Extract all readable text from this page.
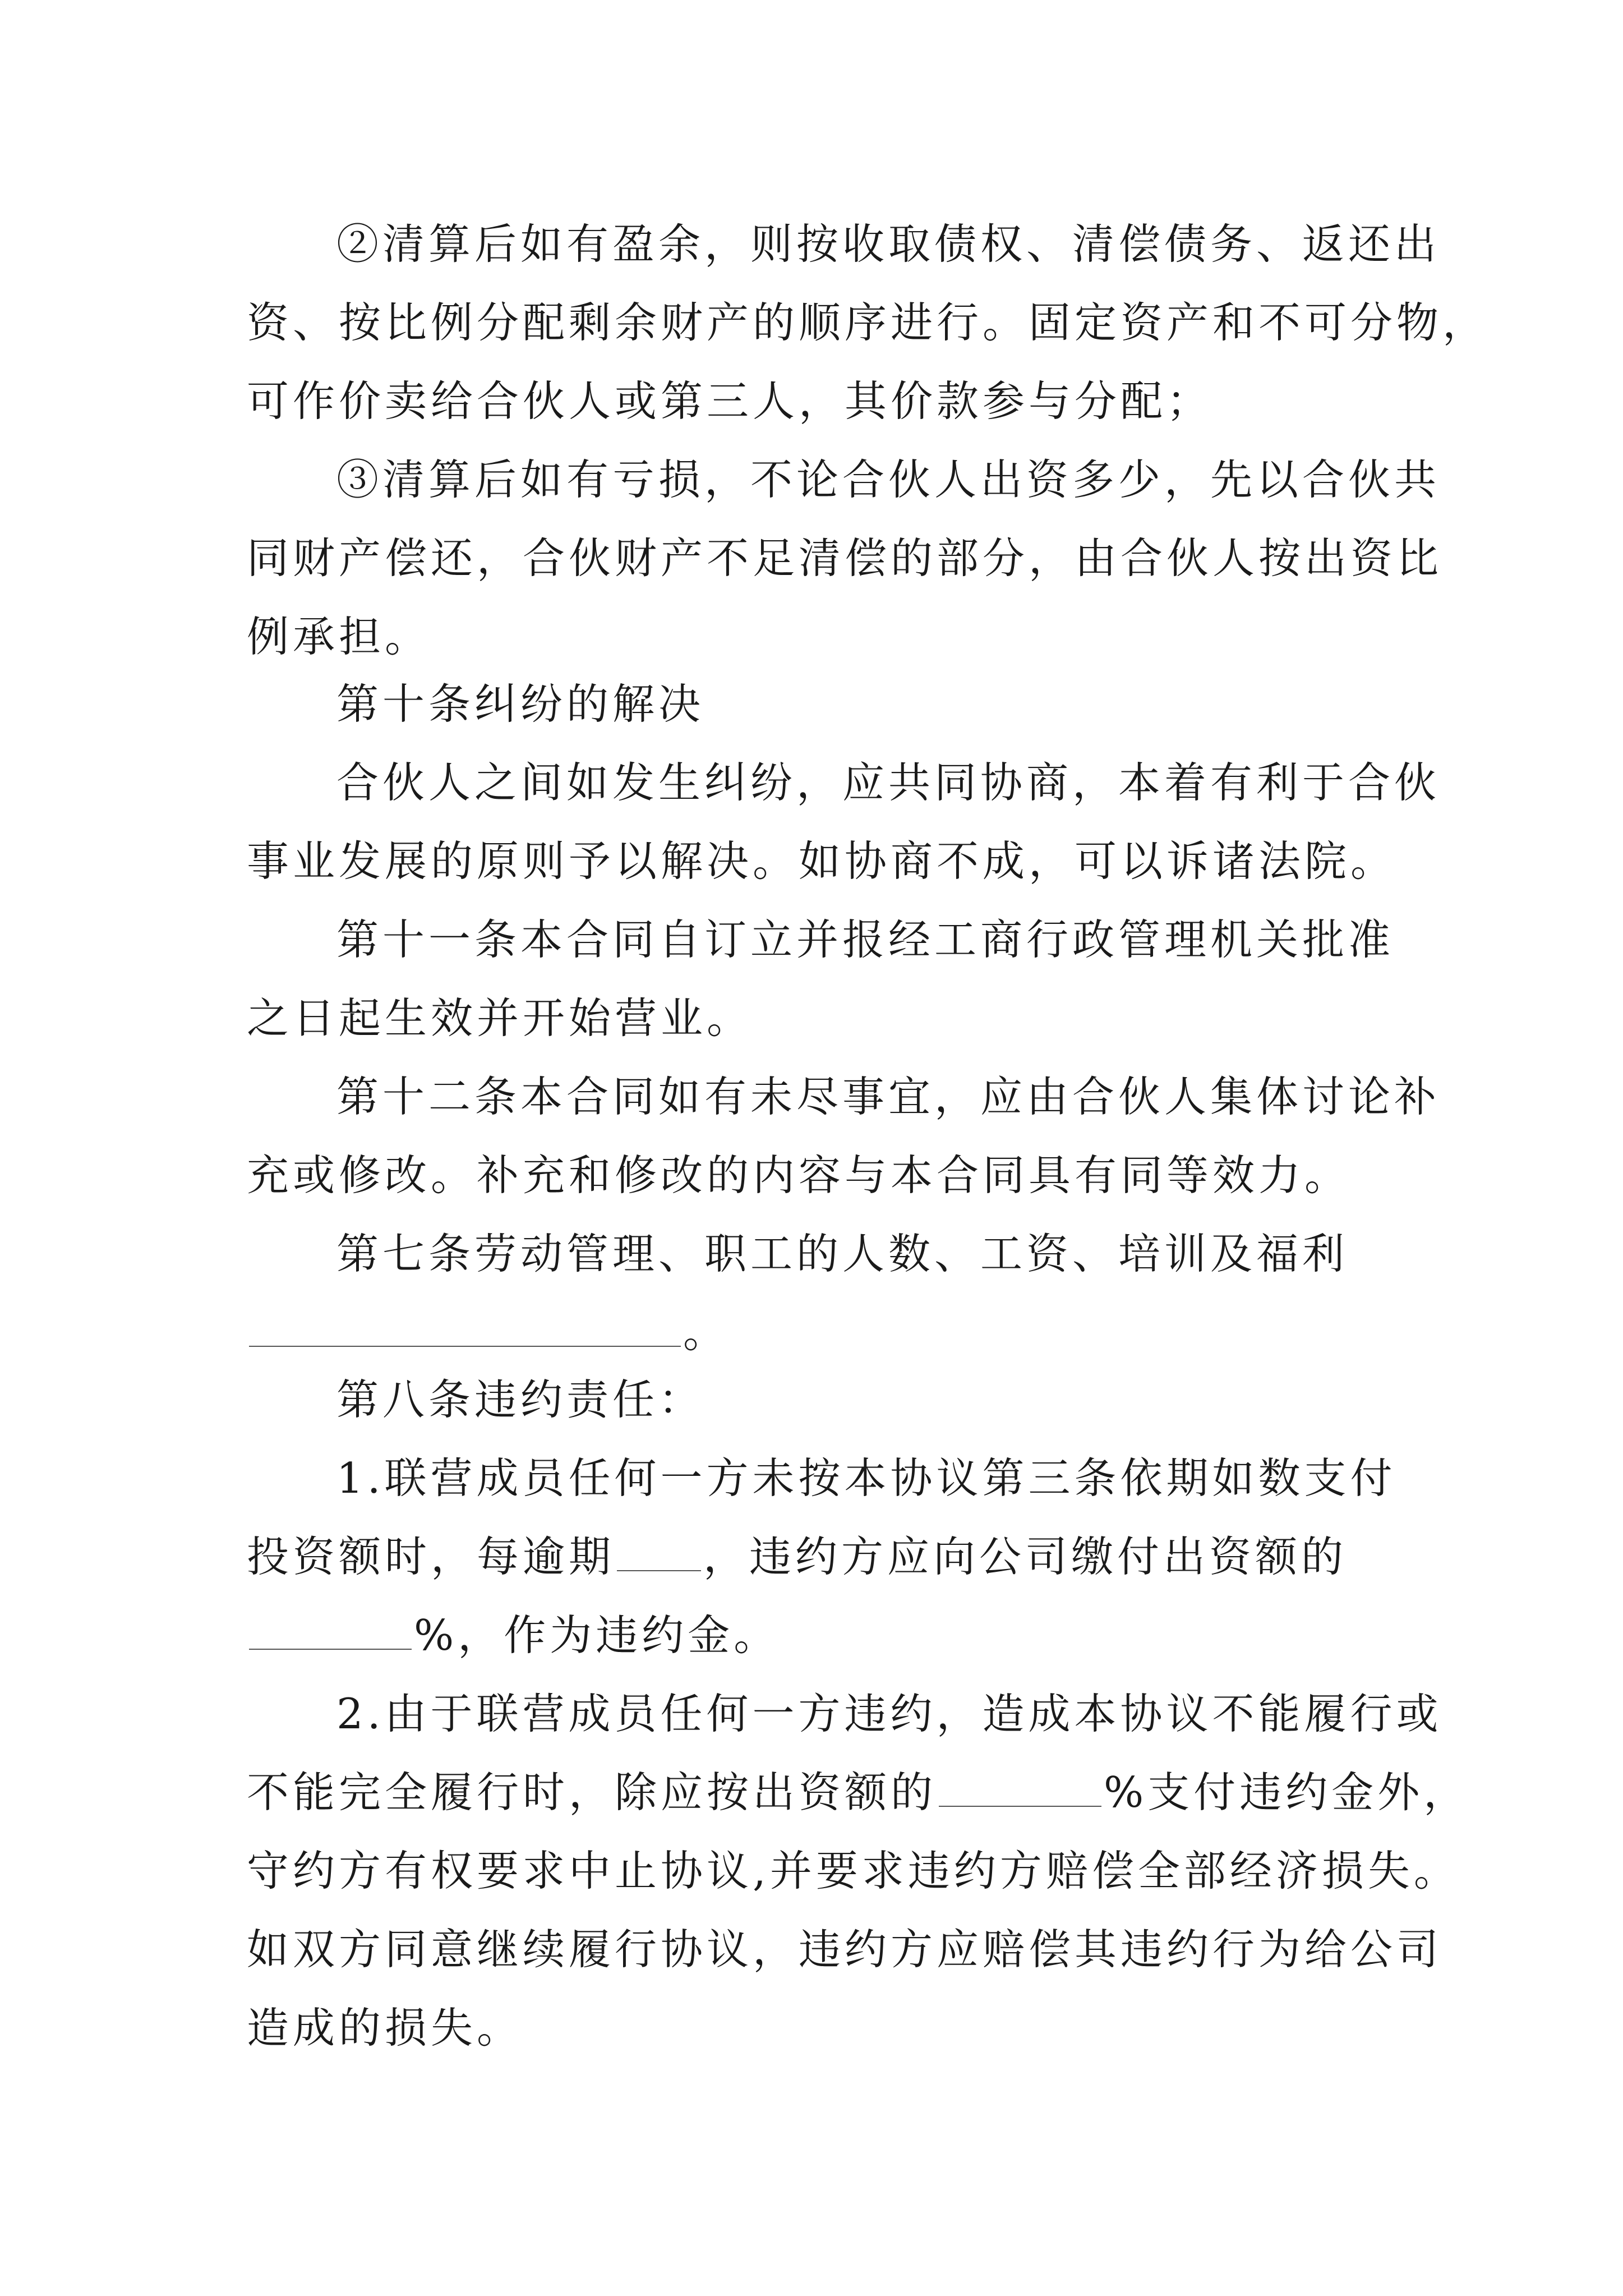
②清算后如有盈余，则按收取债权、清偿债务、返还出
资、按比例分配剩余财产的顺序进行。固定资产和不可分物，
可作价卖给合伙人或第三人，其价款参与分配；
③清算后如有亏损，不论合伙人出资多少，先以合伙共
同财产偿还，合伙财产不足清偿的部分，由合伙人按出资比
例承担。
第十条纠纷的解决
合伙人之间如发生纠纷，应共同协商，本着有利于合伙
事业发展的原则予以解决。如协商不成，可以诉诸法院。
第十一条本合同自订立并报经工商行政管理机关批准
之日起生效并开始营业。
第十二条本合同如有未尽事宜，应由合伙人集体讨论补
充或修改。补充和修改的内容与本合同具有同等效力。
第七条劳动管理、职工的人数、工资、培训及福利
。
第八条违约责任：
1.联营成员任何一方未按本协议第三条依期如数支付
投资额时，每逾期 ，违约方应向公司缴付出资额的
%，作为违约金。
2.由于联营成员任何一方违约，造成本协议不能履行或
不能完全履行时，除应按出资额的	%支付违约金外，
守约方有权要求中止协议,并要求违约方赔偿全部经济损失。
如双方同意继续履行协议，违约方应赔偿其违约行为给公司
造成的损失。
